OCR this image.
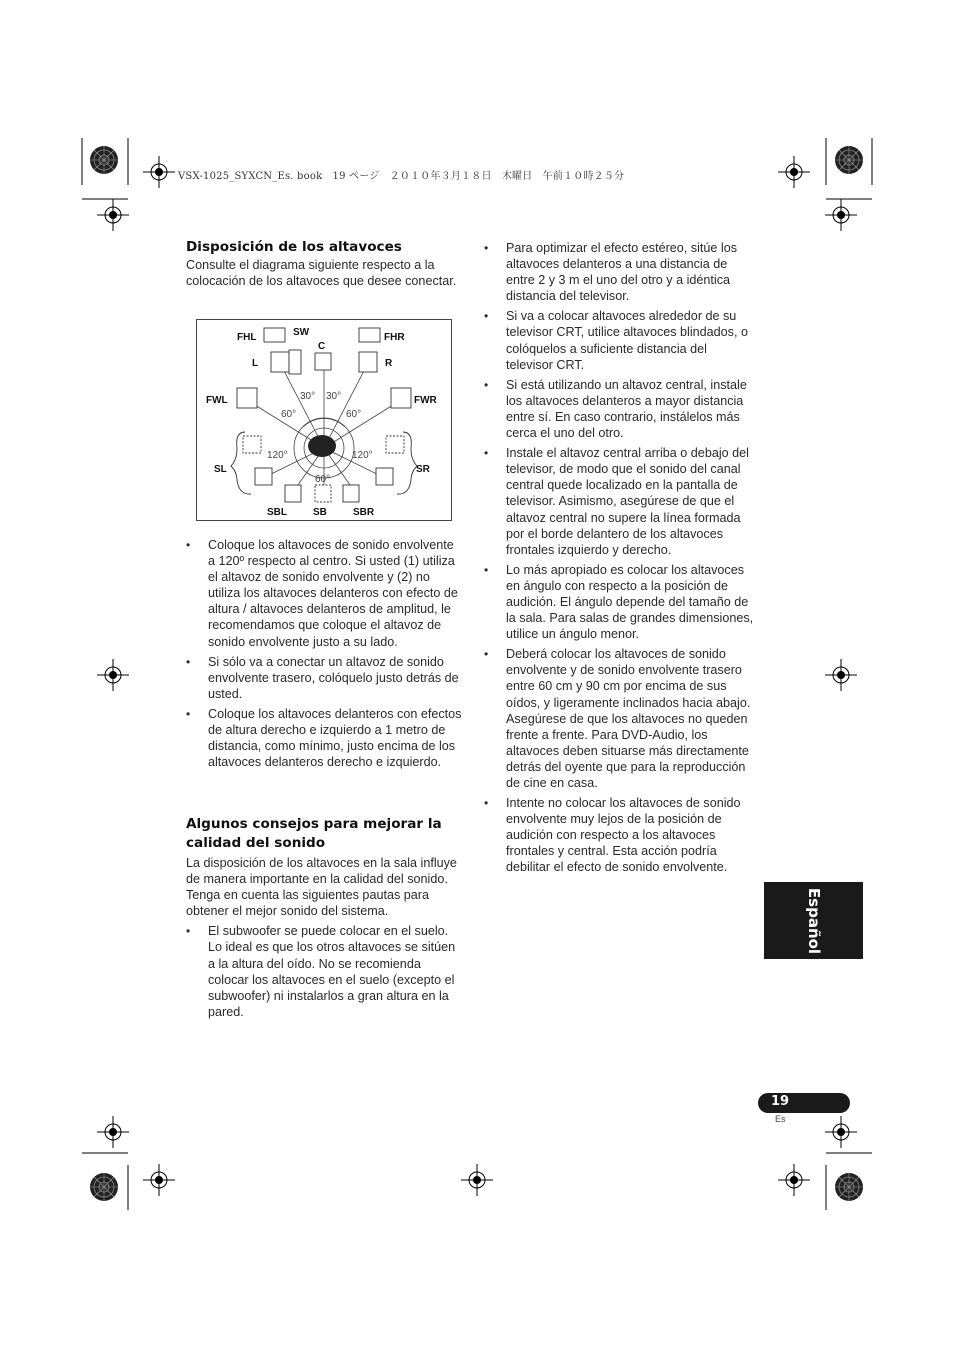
VSX-1025_SYXCN_Es. book　19 ページ　２０１０年３月１８日　木曜日　午前１０時２５分
Disposición de los altavoces

Consulte el diagrama siguiente respecto a la colocación de los altavoces que desee conectar.

FHL	SW
C
FHR
L	R
FWL	FWR
SL	SR
SBL	SB	SBR
30° 30°
60°	60°
120°	120°
60°
• Coloque los altavoces de sonido envolvente a 120º respecto al centro. Si usted (1) utiliza el altavoz de sonido envolvente y (2) no utiliza los altavoces delanteros con efecto de altura / altavoces delanteros de amplitud, le recomendamos que coloque el altavoz de sonido envolvente justo a su lado.
• Si sólo va a conectar un altavoz de sonido envolvente trasero, colóquelo justo detrás de usted.
• Coloque los altavoces delanteros con efectos de altura derecho e izquierdo a 1 metro de distancia, como mínimo, justo encima de los altavoces delanteros derecho e izquierdo.
Algunos consejos para mejorar la calidad del sonido

La disposición de los altavoces en la sala influye de manera importante en la calidad del sonido. Tenga en cuenta las siguientes pautas para obtener el mejor sonido del sistema.

• El subwoofer se puede colocar en el suelo. Lo ideal es que los otros altavoces se sitúen a la altura del oído. No se recomienda colocar los altavoces en el suelo (excepto el subwoofer) ni instalarlos a gran altura en la pared.
• Para optimizar el efecto estéreo, sitúe los altavoces delanteros a una distancia de entre 2 y 3 m el uno del otro y a idéntica distancia del televisor.
• Si va a colocar altavoces alrededor de su televisor CRT, utilice altavoces blindados, o colóquelos a suficiente distancia del televisor CRT.
• Si está utilizando un altavoz central, instale los altavoces delanteros a mayor distancia entre sí. En caso contrario, instálelos más cerca el uno del otro.
• Instale el altavoz central arriba o debajo del televisor, de modo que el sonido del canal central quede localizado en la pantalla de televisor. Asimismo, asegúrese de que el altavoz central no supere la línea formada por el borde delantero de los altavoces frontales izquierdo y derecho.
• Lo más apropiado es colocar los altavoces en ángulo con respecto a la posición de audición. El ángulo depende del tamaño de la sala. Para salas de grandes dimensiones, utilice un ángulo menor.
• Deberá colocar los altavoces de sonido envolvente y de sonido envolvente trasero entre 60 cm y 90 cm por encima de sus oídos, y ligeramente inclinados hacia abajo. Asegúrese de que los altavoces no queden frente a frente. Para DVD-Audio, los altavoces deben situarse más directamente detrás del oyente que para la reproducción de cine en casa.
• Intente no colocar los altavoces de sonido envolvente muy lejos de la posición de audición con respecto a los altavoces frontales y central. Esta acción podría debilitar el efecto de sonido envolvente.
Español
19
Es
